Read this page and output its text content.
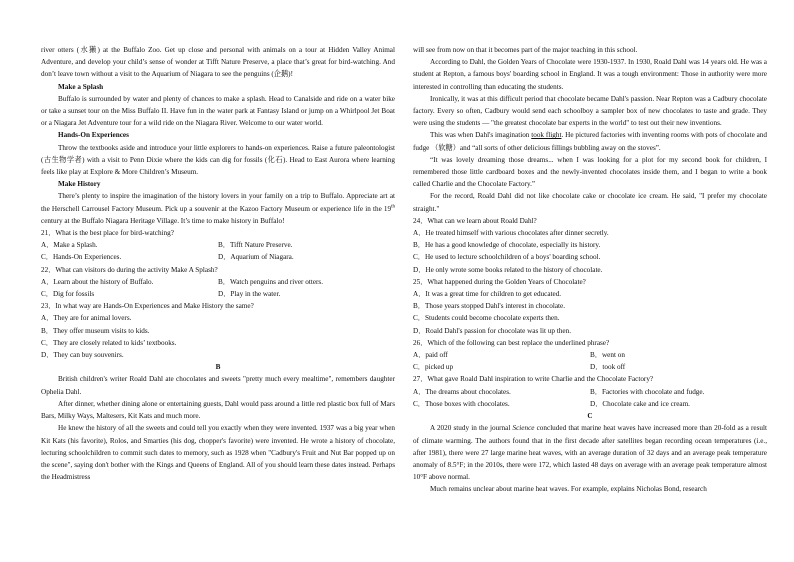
river otters (水獭) at the Buffalo Zoo. Get up close and personal with animals on a tour at Hidden Valley Animal Adventure, and develop your child’s sense of wonder at Tifft Nature Preserve, a place that’s great for bird-watching. And don’t leave town without a visit to the Aquarium of Niagara to see the penguins (企鹅)!

Make a Splash

Buffalo is surrounded by water and plenty of chances to make a splash. Head to Canalside and ride on a water bike or take a sunset tour on the Miss Buffalo II. Have fun in the water park at Fantasy Island or jump on a Whirlpool Jet Boat or a Niagara Jet Adventure tour for a wild ride on the Niagara River. Welcome to our water world.

Hands-On Experiences

Throw the textbooks aside and introduce your little explorers to hands-on experiences. Raise a future paleontologist (古生物学者) with a visit to Penn Dixie where the kids can dig for fossils (化石). Head to East Aurora where learning feels like play at Explore & More Children’s Museum.

Make History

There’s plenty to inspire the imagination of the history lovers in your family on a trip to Buffalo. Appreciate art at the Herschell Carrousel Factory Museum. Pick up a souvenir at the Kazoo Factory Museum or experience life in the 19th century at the Buffalo Niagara Heritage Village. It’s time to make history in Buffalo!

21．What is the best place for bird-watching?

A．Make a Splash.	B．Tifft Nature Preserve.

C．Hands-On Experiences.	D．Aquarium of Niagara.

22．What can visitors do during the activity Make A Splash?

A．Learn about the history of Buffalo.	B．Watch penguins and river otters.

C．Dig for fossils	D．Play in the water.

23．In what way are Hands-On Experiences and Make History the same?

A．They are for animal lovers.

B．They offer museum visits to kids.

C．They are closely related to kids’ textbooks.

D．They can buy souvenirs.

B

British children's writer Roald Dahl ate chocolates and sweets "pretty much every mealtime", remembers daughter Ophelia Dahl.

After dinner, whether dining alone or entertaining guests, Dahl would pass around a little red plastic box full of Mars Bars, Milky Ways, Maltesers, Kit Kats and much more.

He knew the history of all the sweets and could tell you exactly when they were invented. 1937 was a big year when Kit Kats (his favorite), Rolos, and Smarties (his dog, chopper's favorite) were invented. He wrote a history of chocolate, lecturing schoolchildren to commit such dates to memory, such as 1928 when "Cadbury's Fruit and Nut Bar popped up on the scene", saying don't bother with the Kings and Queens of England. All of you should learn these dates instead. Perhaps the Headmistress

will see from now on that it becomes part of the major teaching in this school.

According to Dahl, the Golden Years of Chocolate were 1930-1937. In 1930, Roald Dahl was 14 years old. He was a student at Repton, a famous boys' boarding school in England. It was a tough environment: Those in authority were more interested in controlling than educating the students.

Ironically, it was at this difficult period that chocolate became Dahl's passion. Near Repton was a Cadbury chocolate factory. Every so often, Cadbury would send each schoolboy a sampler box of new chocolates to taste and grade. They were using the students — "the greatest chocolate bar experts in the world" to test out their new inventions.

This was when Dahl's imagination took flight. He pictured factories with inventing rooms with pots of chocolate and fudge （软糖）and “all sorts of other delicious fillings bubbling away on the stoves”.

“It was lovely dreaming those dreams... when I was looking for a plot for my second book for children, I remembered those little cardboard boxes and the newly-invented chocolates inside them, and I began to write a book called Charlie and the Chocolate Factory.”

For the record, Roald Dahl did not like chocolate cake or chocolate ice cream. He said, "I prefer my chocolate straight."

24．What can we learn about Roald Dahl?

A．He treated himself with various chocolates after dinner secretly.

B．He has a good knowledge of chocolate, especially its history.

C．He used to lecture schoolchildren of a boys' boarding school.

D．He only wrote some books related to the history of chocolate.

25．What happened during the Golden Years of Chocolate?

A．It was a great time for children to get educated.

B．Those years stopped Dahl's interest in chocolate.

C．Students could become chocolate experts then.

D．Roald Dahl's passion for chocolate was lit up then.

26．Which of the following can best replace the underlined phrase?

A．paid off	B．went on

C．picked up	D．took off

27．What gave Roald Dahl inspiration to write Charlie and the Chocolate Factory?

A．The dreams about chocolates.	B．Factories with chocolate and fudge.

C．Those boxes with chocolates.	D．Chocolate cake and ice cream.

C

A 2020 study in the journal Science concluded that marine heat waves have increased more than 20-fold as a result of climate warming. The authors found that in the first decade after satellites began recording ocean temperatures (i.e., after 1981), there were 27 large marine heat waves, with an average duration of 32 days and an average peak temperature anomaly of 8.5°F; in the 2010s, there were 172, which lasted 48 days on average with an average peak temperature almost 10°F above normal.

Much remains unclear about marine heat waves. For example, explains Nicholas Bond, research
